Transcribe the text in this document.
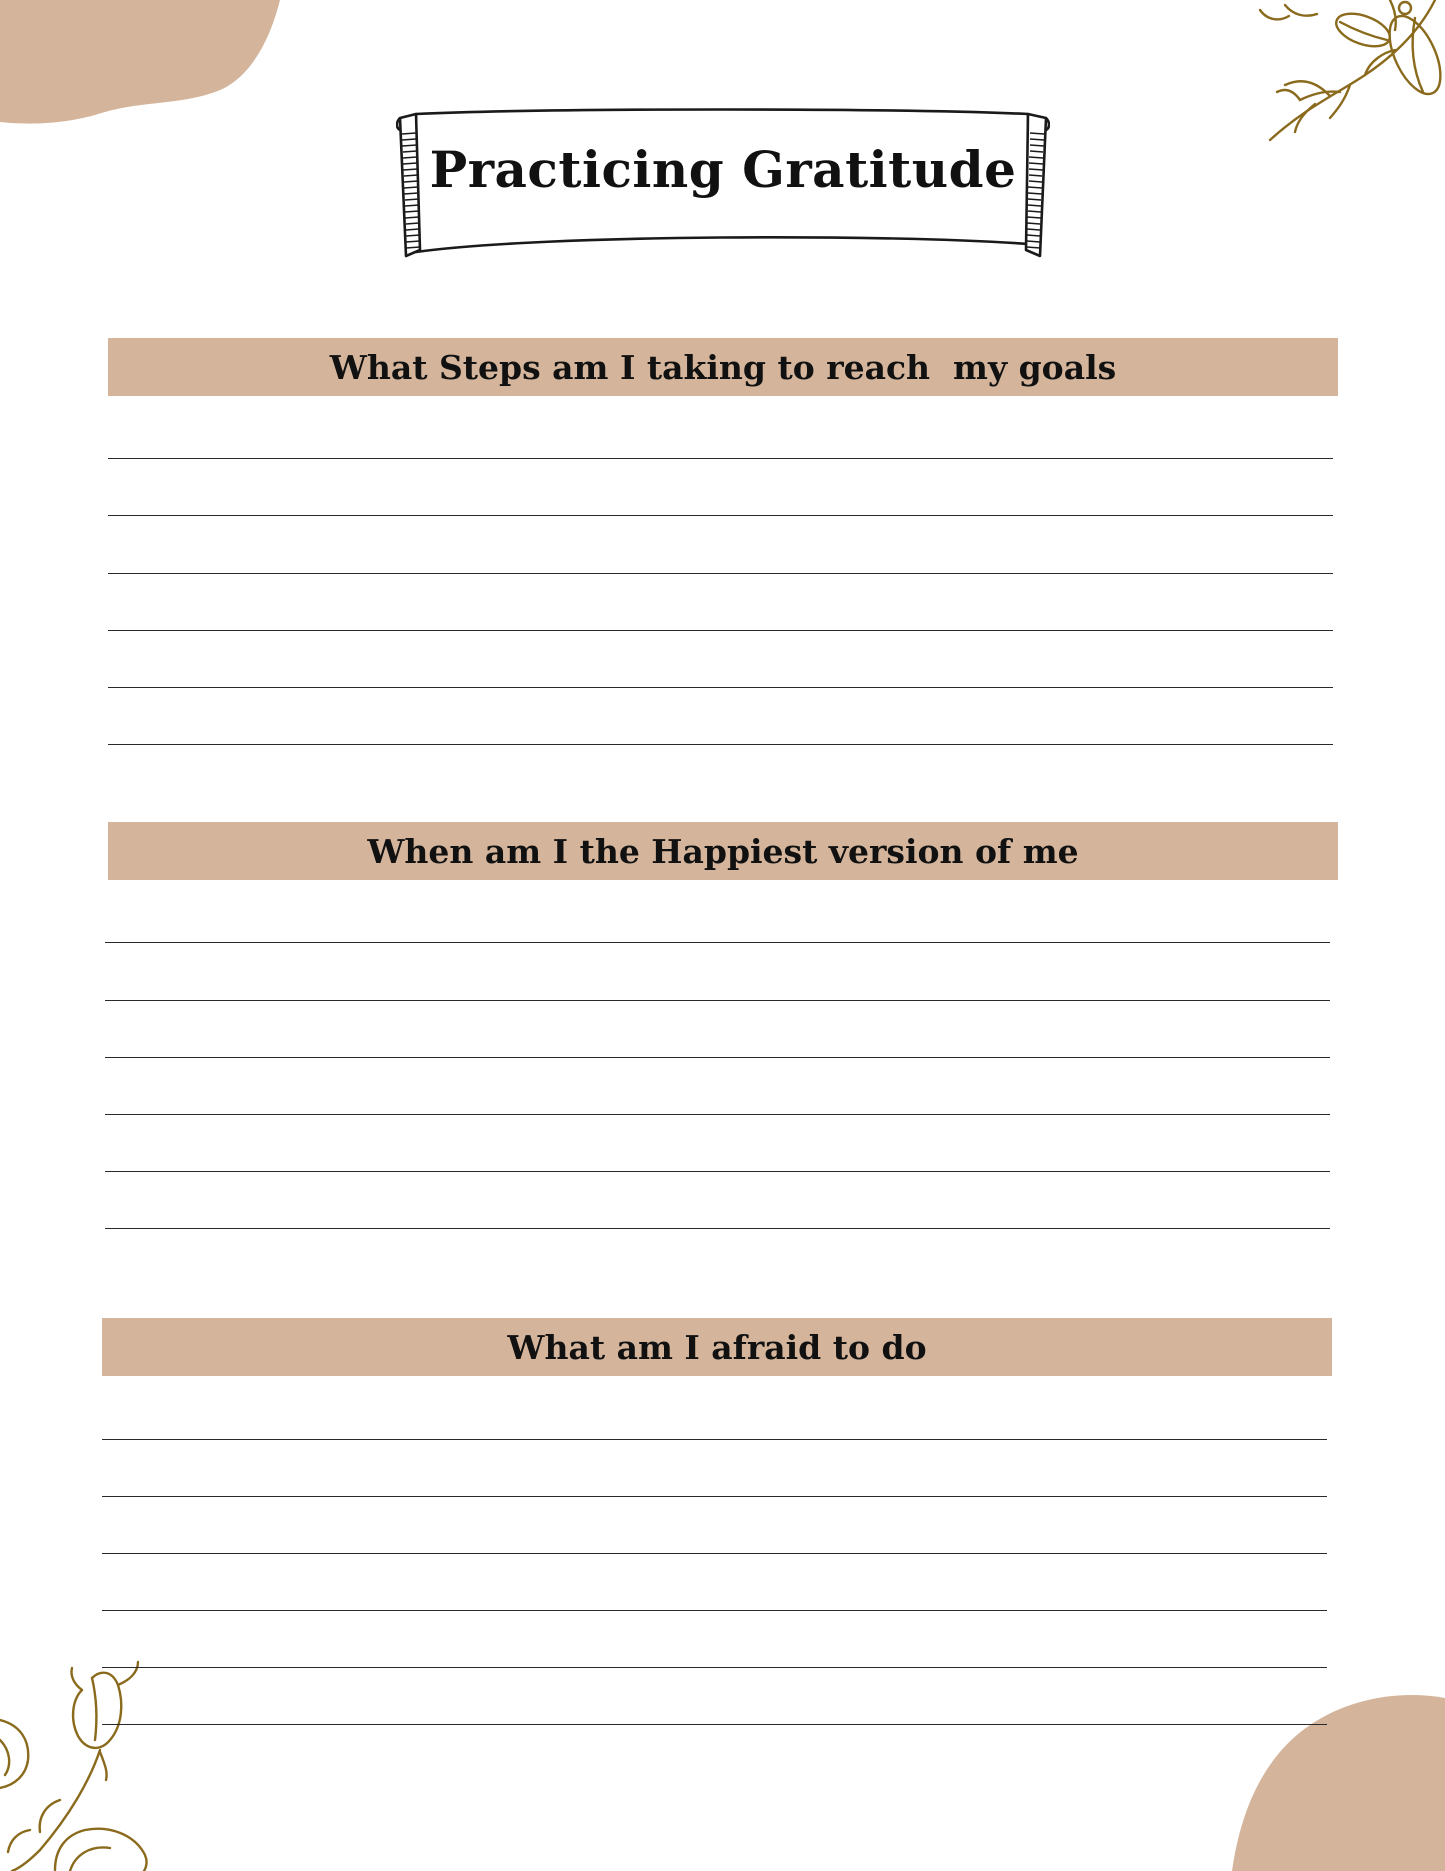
Practicing Gratitude
What Steps am I taking to reach  my goals
When am I the Happiest version of me
What am I afraid to do
